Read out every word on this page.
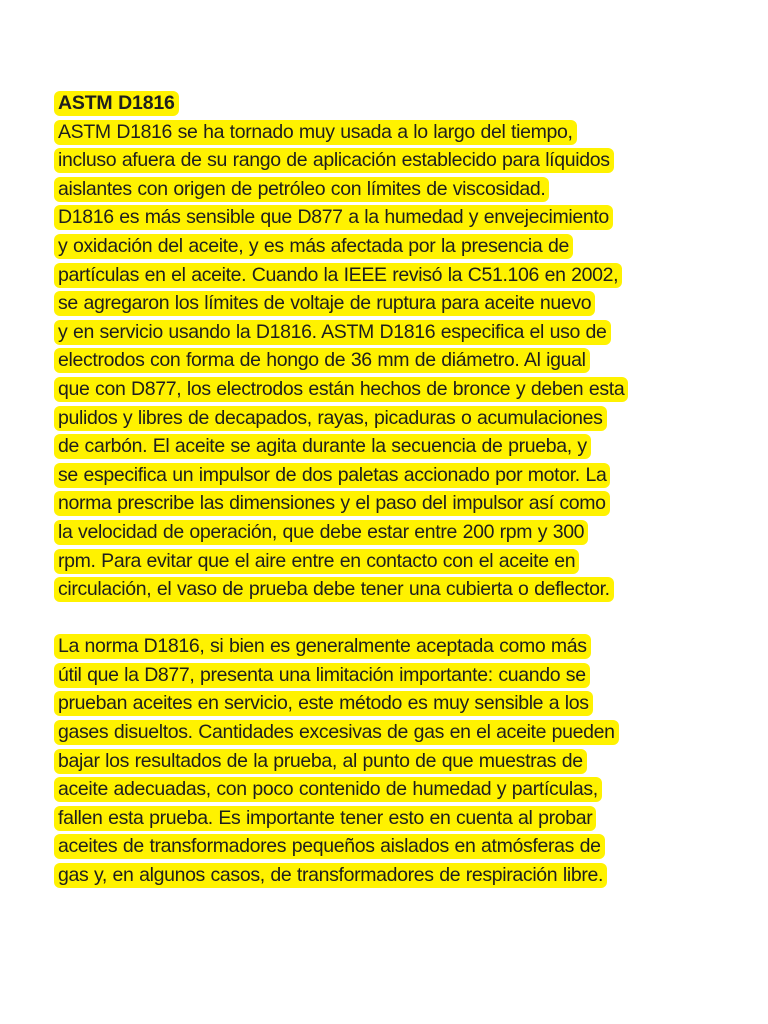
ASTM D1816
ASTM D1816 se ha tornado muy usada a lo largo del tiempo,
incluso afuera de su rango de aplicación establecido para líquidos
aislantes con origen de petróleo con límites de viscosidad.
D1816 es más sensible que D877 a la humedad y envejecimiento
y oxidación del aceite, y es más afectada por la presencia de
partículas en el aceite. Cuando la IEEE revisó la C51.106 en 2002,
se agregaron los límites de voltaje de ruptura para aceite nuevo
y en servicio usando la D1816. ASTM D1816 especifica el uso de
electrodos con forma de hongo de 36 mm de diámetro. Al igual
que con D877, los electrodos están hechos de bronce y deben esta
pulidos y libres de decapados, rayas, picaduras o acumulaciones
de carbón. El aceite se agita durante la secuencia de prueba, y
se especifica un impulsor de dos paletas accionado por motor. La
norma prescribe las dimensiones y el paso del impulsor así como
la velocidad de operación, que debe estar entre 200 rpm y 300
rpm. Para evitar que el aire entre en contacto con el aceite en
circulación, el vaso de prueba debe tener una cubierta o deflector.
La norma D1816, si bien es generalmente aceptada como más
útil que la D877, presenta una limitación importante: cuando se
prueban aceites en servicio, este método es muy sensible a los
gases disueltos. Cantidades excesivas de gas en el aceite pueden
bajar los resultados de la prueba, al punto de que muestras de
aceite adecuadas, con poco contenido de humedad y partículas,
fallen esta prueba. Es importante tener esto en cuenta al probar
aceites de transformadores pequeños aislados en atmósferas de
gas y, en algunos casos, de transformadores de respiración libre.
